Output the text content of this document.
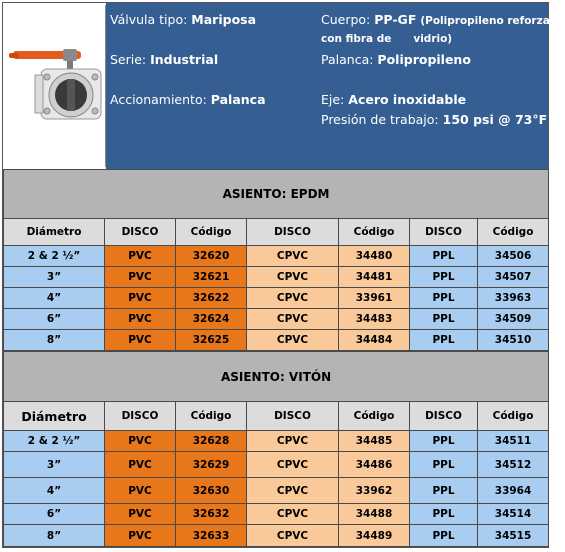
Válvula tipo: Mariposa
Serie: Industrial
Accionamiento: Palanca
Cuerpo: PP-GF (Polipropileno reforzado
con fibra de      vidrio)
Palanca: Polipropileno
Eje: Acero inoxidable
Presión de trabajo: 150 psi @ 73°F
ASIENTO: EPDM						
Diámetro	DISCO	Código	DISCO	Código	DISCO	Código
2 & 2 ½”	PVC	32620	CPVC	34480	PPL	34506
3”	PVC	32621	CPVC	34481	PPL	34507
4”	PVC	32622	CPVC	33961	PPL	33963
6”	PVC	32624	CPVC	34483	PPL	34509
8”	PVC	32625	CPVC	34484	PPL	34510
ASIENTO: VITÓN						
Diámetro	DISCO	Código	DISCO	Código	DISCO	Código
2 & 2 ½”	PVC	32628	CPVC	34485	PPL	34511
3”	PVC	32629	CPVC	34486	PPL	34512
4”	PVC	32630	CPVC	33962	PPL	33964
6”	PVC	32632	CPVC	34488	PPL	34514
8”	PVC	32633	CPVC	34489	PPL	34515
